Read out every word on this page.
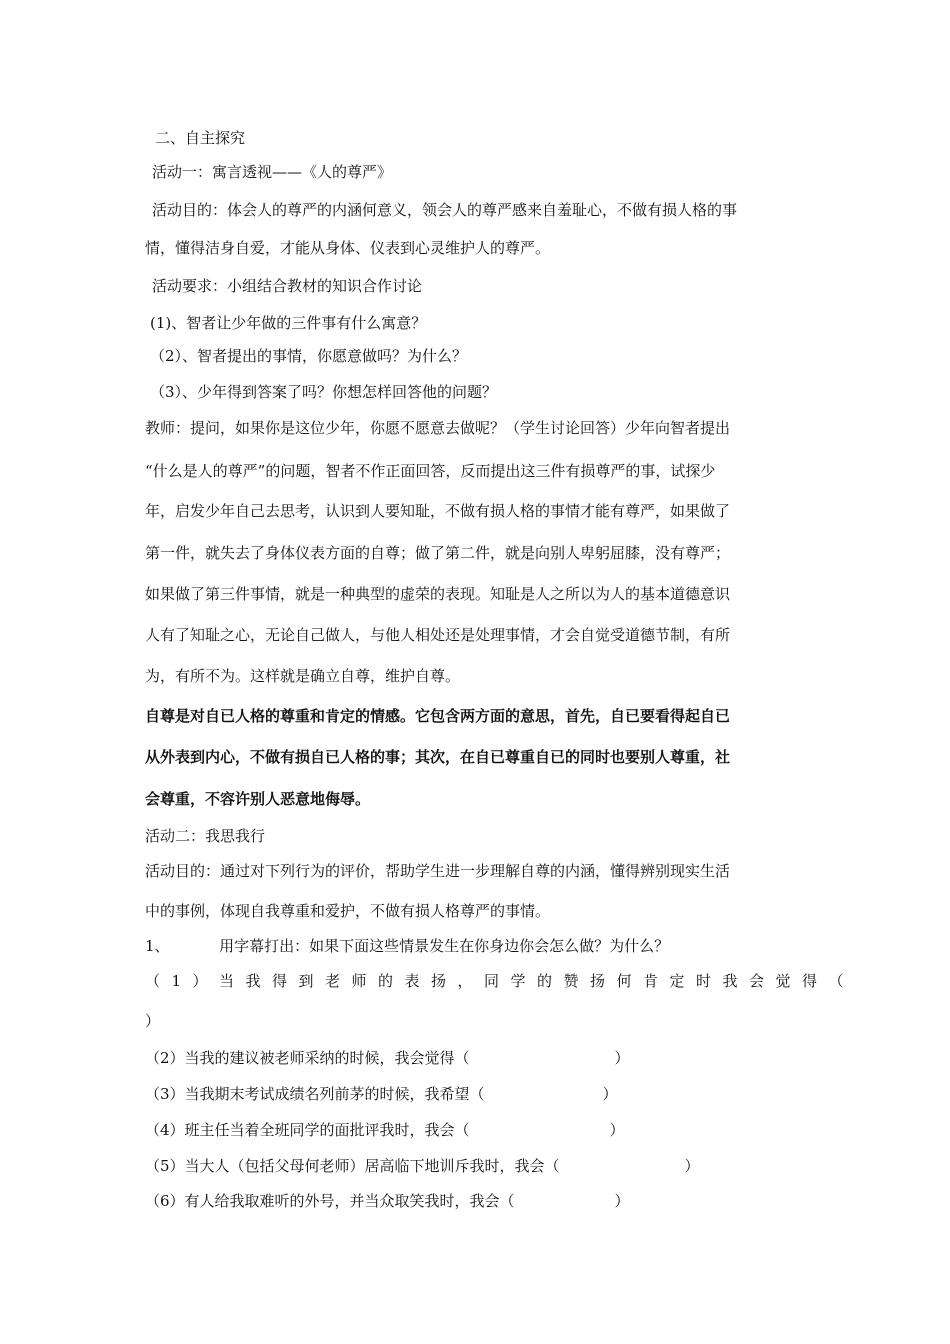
二、自主探究
活动一：寓言透视——《人的尊严》
活动目的：体会人的尊严的内涵何意义，领会人的尊严感来自羞耻心，不做有损人格的事
情，懂得洁身自爱，才能从身体、仪表到心灵维护人的尊严。
活动要求：小组结合教材的知识合作讨论
(1)、智者让少年做的三件事有什么寓意？
（2）、智者提出的事情，你愿意做吗？为什么？
（3）、少年得到答案了吗？你想怎样回答他的问题？
教师：提问，如果你是这位少年，你愿不愿意去做呢？（学生讨论回答）少年向智者提出
“什么是人的尊严”的问题，智者不作正面回答，反而提出这三件有损尊严的事，试探少
年，启发少年自己去思考，认识到人要知耻，不做有损人格的事情才能有尊严，如果做了
第一件，就失去了身体仪表方面的自尊；做了第二件，就是向别人卑躬屈膝，没有尊严；
如果做了第三件事情，就是一种典型的虚荣的表现。知耻是人之所以为人的基本道德意识
人有了知耻之心，无论自己做人，与他人相处还是处理事情，才会自觉受道德节制，有所
为，有所不为。这样就是确立自尊，维护自尊。
自尊是对自已人格的尊重和肯定的情感。它包含两方面的意思，首先，自已要看得起自已
从外表到内心，不做有损自已人格的事；其次，在自已尊重自已的同时也要别人尊重，社
会尊重，不容许别人恶意地侮辱。
活动二：我思我行
活动目的：通过对下列行为的评价，帮助学生进一步理解自尊的内涵，懂得辨别现实生活
中的事例，体现自我尊重和爱护，不做有损人格尊严的事情。
1、	用字幕打出：如果下面这些情景发生在你身边你会怎么做？为什么？
（1）当我得到老师的表扬，同学的赞扬何肯定时我会觉得（
）
（2）当我的建议被老师采纳的时候，我会觉得（	）
（3）当我期末考试成绩名列前茅的时候，我希望（	）
（4）班主任当着全班同学的面批评我时，我会（	）
（5）当大人（包括父母何老师）居高临下地训斥我时，我会（	）
（6）有人给我取难听的外号，并当众取笑我时，我会（	）
